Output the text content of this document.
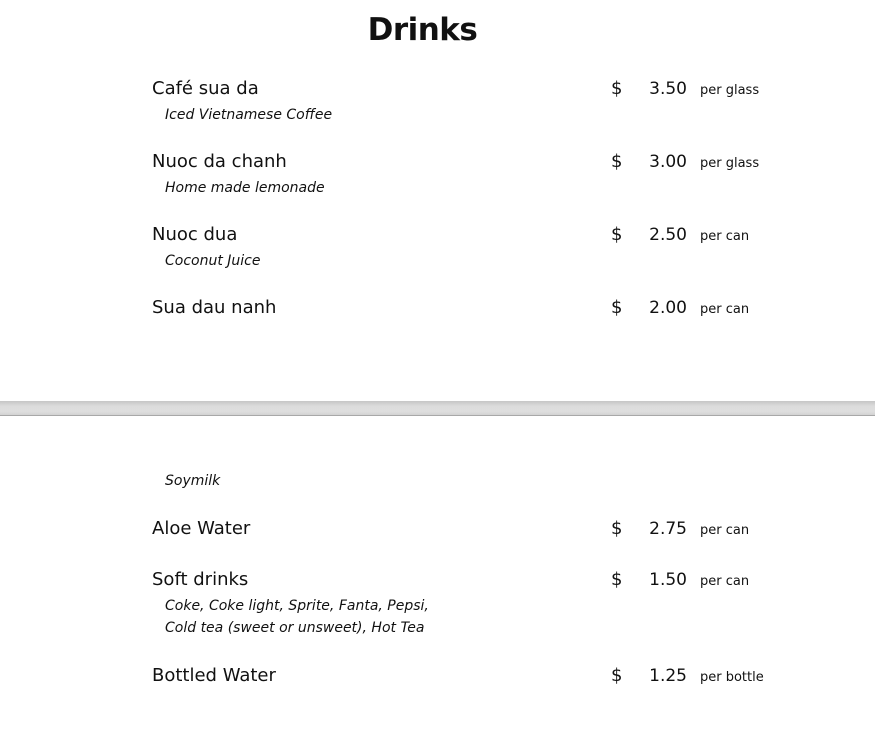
Drinks
Café sua da	$	3.50 per glass
Iced Vietnamese Coffee
Nuoc da chanh	$	3.00 per glass
Home made lemonade
Nuoc dua	$	2.50 per can
Coconut Juice
Sua dau nanh	$	2.00 per can
Soymilk
Aloe Water	$	2.75 per can
Soft drinks	$	1.50 per can
Coke, Coke light, Sprite, Fanta, Pepsi,
Cold tea (sweet or unsweet), Hot Tea
Bottled Water	$	1.25 per bottle
